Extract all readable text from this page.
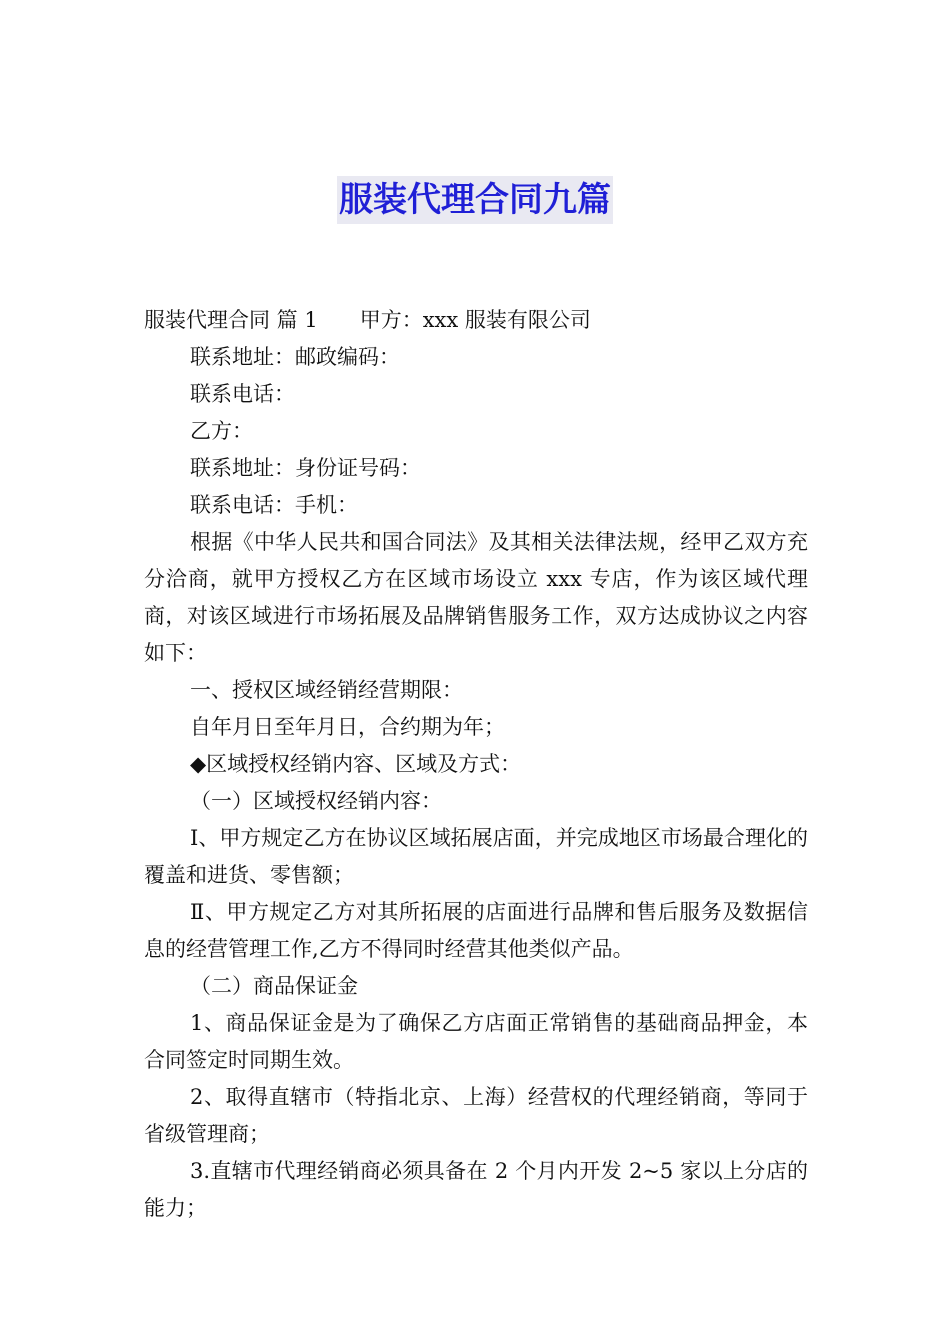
服装代理合同九篇

服装代理合同 篇 1 甲方：xxx 服装有限公司

联系地址：邮政编码：

联系电话：

乙方：

联系地址：身份证号码：

联系电话：手机：

根据《中华人民共和国合同法》及其相关法律法规，经甲乙双方充分洽商，就甲方授权乙方在区域市场设立 xxx 专店，作为该区域代理商，对该区域进行市场拓展及品牌销售服务工作，双方达成协议之内容如下：

一、授权区域经销经营期限：

自年月日至年月日，合约期为年；

◆区域授权经销内容、区域及方式：

（一）区域授权经销内容：

Ⅰ、甲方规定乙方在协议区域拓展店面，并完成地区市场最合理化的覆盖和进货、零售额；

Ⅱ、甲方规定乙方对其所拓展的店面进行品牌和售后服务及数据信息的经营管理工作,乙方不得同时经营其他类似产品。

（二）商品保证金

1、商品保证金是为了确保乙方店面正常销售的基础商品押金，本合同签定时同期生效。

2、取得直辖市（特指北京、上海）经营权的代理经销商，等同于省级管理商；

3.直辖市代理经销商必须具备在 2 个月内开发 2~5 家以上分店的能力；
